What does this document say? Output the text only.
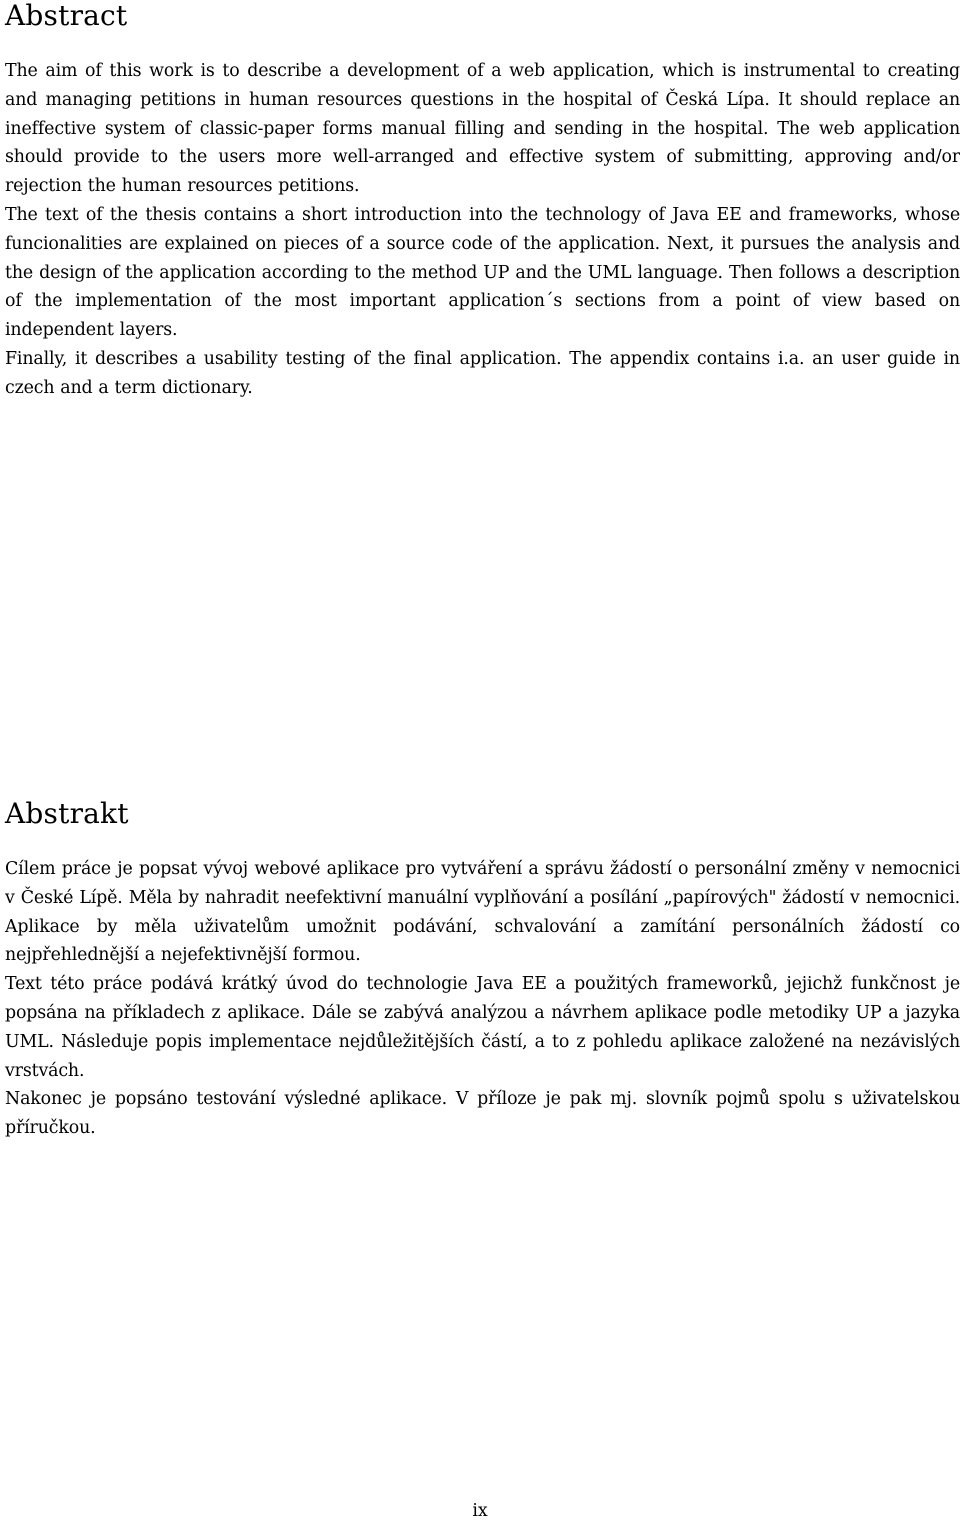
Abstract

The aim of this work is to describe a development of a web application, which is instrumental to creating and managing petitions in human resources questions in the hospital of Česká Lípa. It should replace an ineffective system of classic-paper forms manual filling and sending in the hospital. The web application should provide to the users more well-arranged and effective system of submitting, approving and/or rejection the human resources petitions.

The text of the thesis contains a short introduction into the technology of Java EE and frameworks, whose funcionalities are explained on pieces of a source code of the application. Next, it pursues the analysis and the design of the application according to the method UP and the UML language. Then follows a description of the implementation of the most important application´s sections from a point of view based on independent layers.

Finally, it describes a usability testing of the final application. The appendix contains i.a. an user guide in czech and a term dictionary.

Abstrakt

Cílem práce je popsat vývoj webové aplikace pro vytváření a správu žádostí o personální změny v nemocnici v České Lípě. Měla by nahradit neefektivní manuální vyplňování a posílání „papírových" žádostí v nemocnici. Aplikace by měla uživatelům umožnit podávání, schvalování a zamítání personálních žádostí co nejpřehlednější a nejefektivnější formou.

Text této práce podává krátký úvod do technologie Java EE a použitých frameworků, jejichž funkčnost je popsána na příkladech z aplikace. Dále se zabývá analýzou a návrhem aplikace podle metodiky UP a jazyka UML. Následuje popis implementace nejdůležitějších částí, a to z pohledu aplikace založené na nezávislých vrstvách.

Nakonec je popsáno testování výsledné aplikace. V příloze je pak mj. slovník pojmů spolu s uživatelskou příručkou.

ix
